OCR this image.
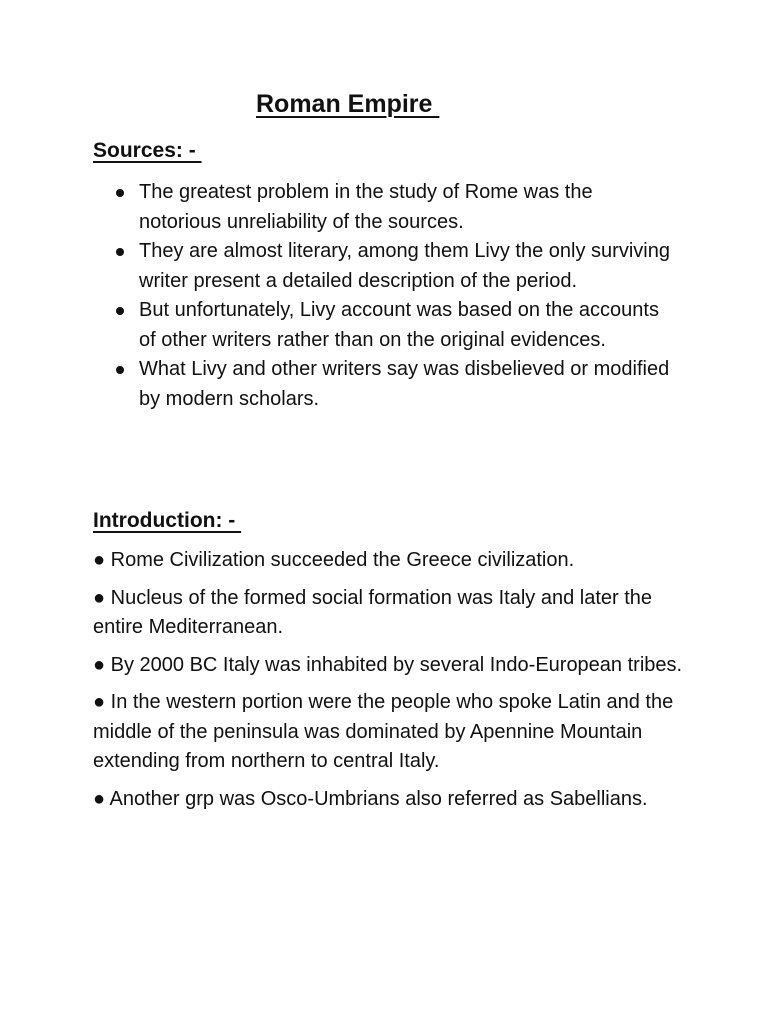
Roman Empire
Sources: -
The greatest problem in the study of Rome was the notorious unreliability of the sources.
They are almost literary, among them Livy the only surviving writer present a detailed description of the period.
But unfortunately, Livy account was based on the accounts of other writers rather than on the original evidences.
What Livy and other writers say was disbelieved or modified by modern scholars.
Introduction: -

● Rome Civilization succeeded the Greece civilization.

● Nucleus of the formed social formation was Italy and later the entire Mediterranean.

● By 2000 BC Italy was inhabited by several Indo-European tribes.

● In the western portion were the people who spoke Latin and the middle of the peninsula was dominated by Apennine Mountain extending from northern to central Italy.

● Another grp was Osco-Umbrians also referred as Sabellians.
